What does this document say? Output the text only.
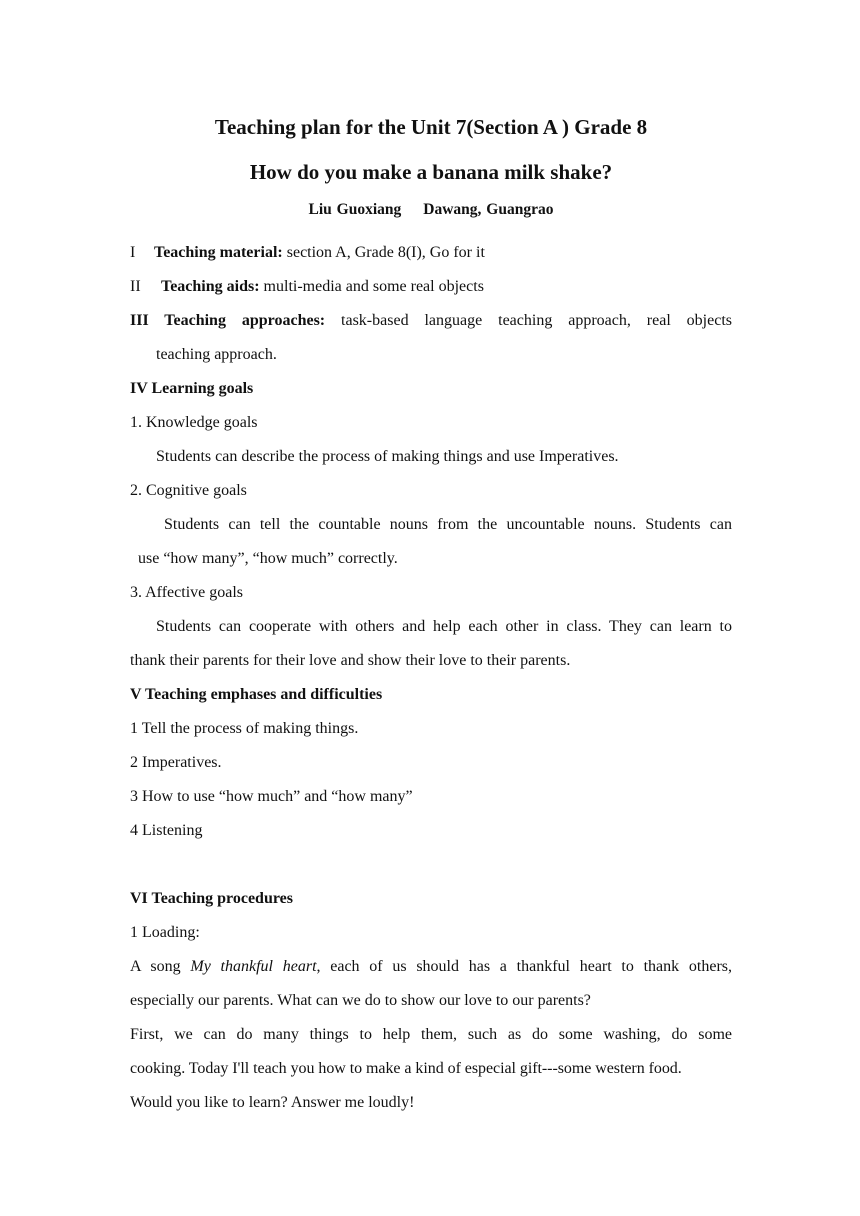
Teaching plan for the Unit 7(Section A ) Grade 8

How do you make a banana milk shake?

Liu Guoxiang Dawang, Guangrao

I Teaching material: section A, Grade 8(I), Go for it

II Teaching aids: multi-media and some real objects

III Teaching approaches: task-based language teaching approach, real objects

teaching approach.

IV Learning goals

1. Knowledge goals

Students can describe the process of making things and use Imperatives.

2. Cognitive goals

Students can tell the countable nouns from the uncountable nouns. Students can

use “how many”, “how much” correctly.

3. Affective goals

Students can cooperate with others and help each other in class. They can learn to

thank their parents for their love and show their love to their parents.

V Teaching emphases and difficulties

1 Tell the process of making things.

2 Imperatives.

3 How to use “how much” and “how many”

4 Listening

VI Teaching procedures

1 Loading:

A song My thankful heart, each of us should has a thankful heart to thank others,

especially our parents. What can we do to show our love to our parents?

First, we can do many things to help them, such as do some washing, do some

cooking. Today I'll teach you how to make a kind of especial gift---some western food.

Would you like to learn? Answer me loudly!
